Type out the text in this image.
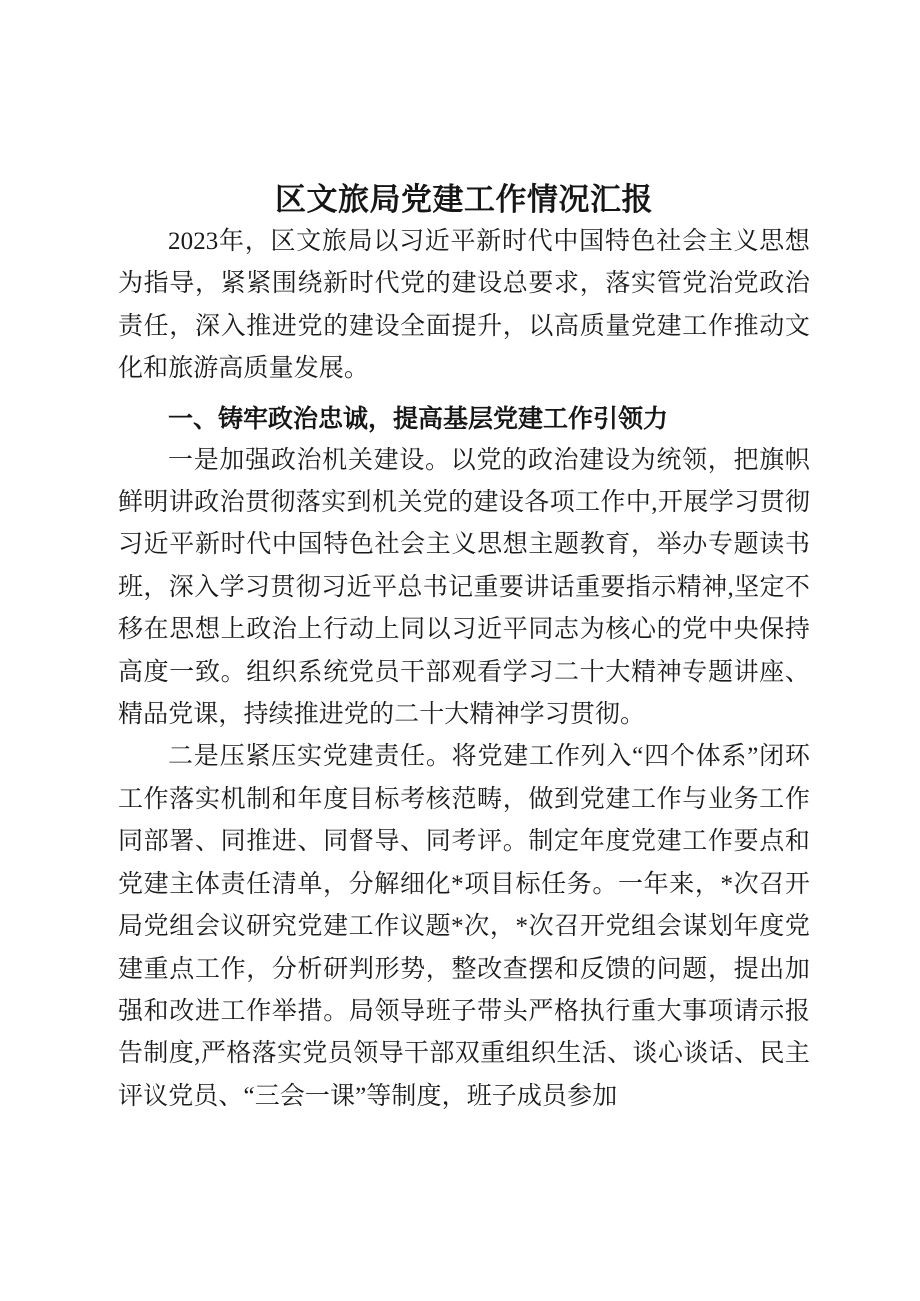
区文旅局党建工作情况汇报

2023年，区文旅局以习近平新时代中国特色社会主义思想为指导，紧紧围绕新时代党的建设总要求，落实管党治党政治责任，深入推进党的建设全面提升，以高质量党建工作推动文化和旅游高质量发展。

一、铸牢政治忠诚，提高基层党建工作引领力

一是加强政治机关建设。以党的政治建设为统领，把旗帜鲜明讲政治贯彻落实到机关党的建设各项工作中,开展学习贯彻习近平新时代中国特色社会主义思想主题教育，举办专题读书班，深入学习贯彻习近平总书记重要讲话重要指示精神,坚定不移在思想上政治上行动上同以习近平同志为核心的党中央保持高度一致。组织系统党员干部观看学习二十大精神专题讲座、精品党课，持续推进党的二十大精神学习贯彻。

二是压紧压实党建责任。将党建工作列入“四个体系”闭环工作落实机制和年度目标考核范畴，做到党建工作与业务工作同部署、同推进、同督导、同考评。制定年度党建工作要点和党建主体责任清单，分解细化*项目标任务。一年来，*次召开局党组会议研究党建工作议题*次，*次召开党组会谋划年度党建重点工作，分析研判形势，整改查摆和反馈的问题，提出加强和改进工作举措。局领导班子带头严格执行重大事项请示报告制度,严格落实党员领导干部双重组织生活、谈心谈话、民主评议党员、“三会一课”等制度，班子成员参加
